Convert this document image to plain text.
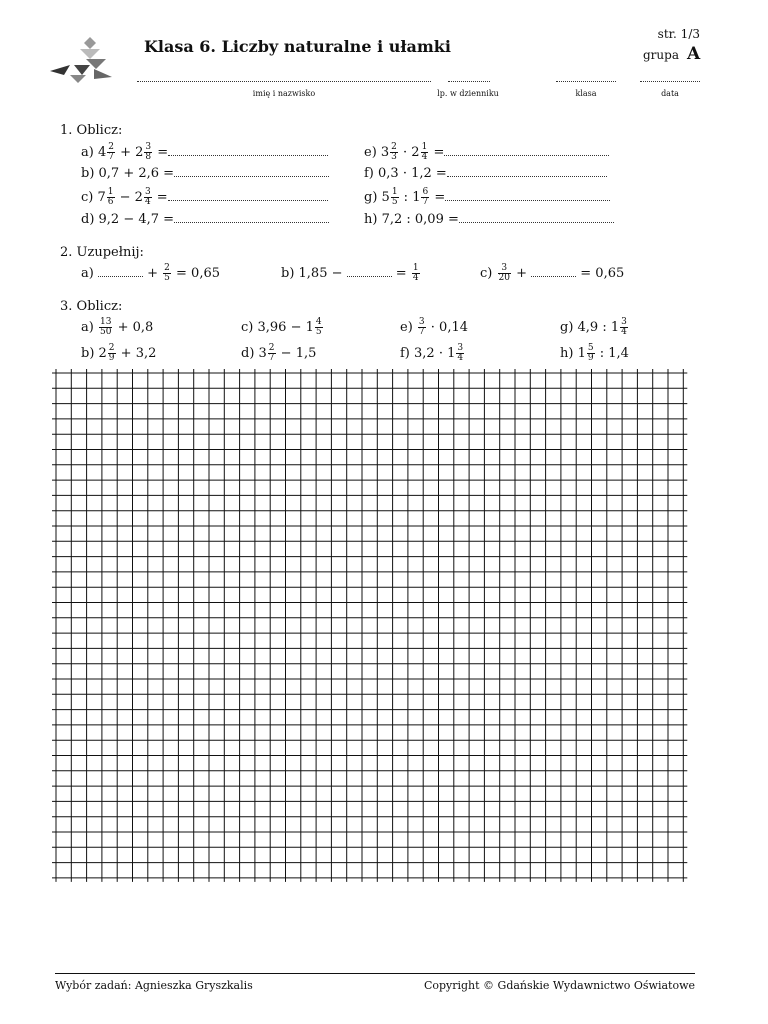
Klasa 6. Liczby naturalne i ułamki
str. 1/3
grupa A
imię i nazwisko	lp. w dzienniku	klasa	data
1. Oblicz:
a) $4 \frac{2}{7} + 2 \frac{3}{8}$ =
b) 0,7 + 2,6 =
c) $7 \frac{1}{6} - 2 \frac{3}{4}$ =
d) 9,2 − 4,7 =
e) $3 \frac{2}{3} \cdot 2 \frac{1}{4}$ =
f) 0,3 · 1,2 =
g) $5 \frac{1}{5}$ : $1 \frac{6}{7}$ =
h) 7,2 : 0,09 =
2. Uzupełnij:
a)	+ $\frac{2}{5} = 0,65$	b) 1,85 −	= $\frac{1}{4}$	$c) \frac{3}{20}$ +	= 0,65
3. Oblicz:
$a) \frac{13}{50} + 0,8$
b) $2 \frac{2}{9} + 3,2$
c) $3,96 - 1 \frac{4}{5}$
d) $3 \frac{2}{7} - 1,5$
$e) \frac{3}{7} \cdot 0,14$
f) $3,2 \cdot 1 \frac{3}{4}$
g) 4,9 : $1 \frac{3}{4}$
h) $1 \frac{5}{9}$ : 1,4
Wybór zadań: Agnieszka Gryszkalis	Copyright © Gdańskie Wydawnictwo Oświatowe
